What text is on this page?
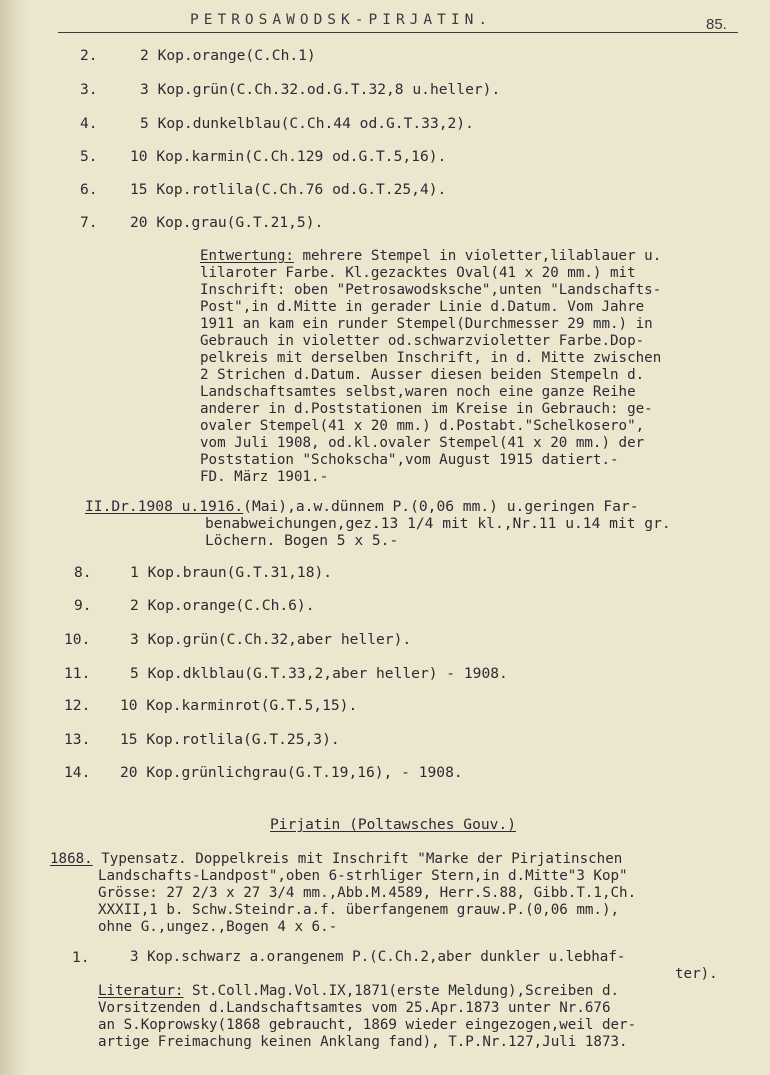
PETROSAWODSK-PIRJATIN.	85.
2.	2 Kop.orange(C.Ch.1)
3.	3 Kop.grün(C.Ch.32.od.G.T.32,8 u.heller).
4.	5 Kop.dunkelblau(C.Ch.44 od.G.T.33,2).
5. 10 Kop.karmin(C.Ch.129 od.G.T.5,16).
6. 15 Kop.rotlila(C.Ch.76 od.G.T.25,4).
7. 20 Kop.grau(G.T.21,5).
Entwertung: mehrere Stempel in violetter,lilablauer u.
lilaroter Farbe. Kl.gezacktes Oval(41 x 20 mm.) mit
Inschrift: oben "Petrosawodsksche",unten "Landschafts-
Post",in d.Mitte in gerader Linie d.Datum. Vom Jahre
1911 an kam ein runder Stempel(Durchmesser 29 mm.) in
Gebrauch in violetter od.schwarzvioletter Farbe.Dop-
pelkreis mit derselben Inschrift, in d. Mitte zwischen
2 Strichen d.Datum. Ausser diesen beiden Stempeln d.
Landschaftsamtes selbst,waren noch eine ganze Reihe
anderer in d.Poststationen im Kreise in Gebrauch: ge-
ovaler Stempel(41 x 20 mm.) d.Postabt."Schelkosero",
vom Juli 1908, od.kl.ovaler Stempel(41 x 20 mm.) der
Poststation "Schokscha",vom August 1915 datiert.-
FD. März 1901.-
II.Dr.1908 u.1916.(Mai),a.w.dünnem P.(0,06 mm.) u.geringen Far-
benabweichungen,gez.13 1/4 mit kl.,Nr.11 u.14 mit gr.
Löchern. Bogen 5 x 5.-
8.	1 Kop.braun(G.T.31,18).
9.	2 Kop.orange(C.Ch.6).
10.	3 Kop.grün(C.Ch.32,aber heller).
11.	5 Kop.dklblau(G.T.33,2,aber heller) - 1908.
12. 10 Kop.karminrot(G.T.5,15).
13. 15 Kop.rotlila(G.T.25,3).
14. 20 Kop.grünlichgrau(G.T.19,16), - 1908.
Pirjatin (Poltawsches Gouv.)
1868. Typensatz. Doppelkreis mit Inschrift "Marke der Pirjatinschen
Landschafts-Landpost",oben 6-strhliger Stern,in d.Mitte"3 Kop"
Grösse: 27 2/3 x 27 3/4 mm.,Abb.M.4589, Herr.S.88, Gibb.T.1,Ch.
XXXII,1 b. Schw.Steindr.a.f. überfangenem grauw.P.(0,06 mm.),
ohne G.,ungez.,Bogen 4 x 6.-
1.	3 Kop.schwarz a.orangenem P.(C.Ch.2,aber dunkler u.lebhaf-
ter).
Literatur: St.Coll.Mag.Vol.IX,1871(erste Meldung),Screiben d.
Vorsitzenden d.Landschaftsamtes vom 25.Apr.1873 unter Nr.676
an S.Koprowsky(1868 gebraucht, 1869 wieder eingezogen,weil der-
artige Freimachung keinen Anklang fand), T.P.Nr.127,Juli 1873.
